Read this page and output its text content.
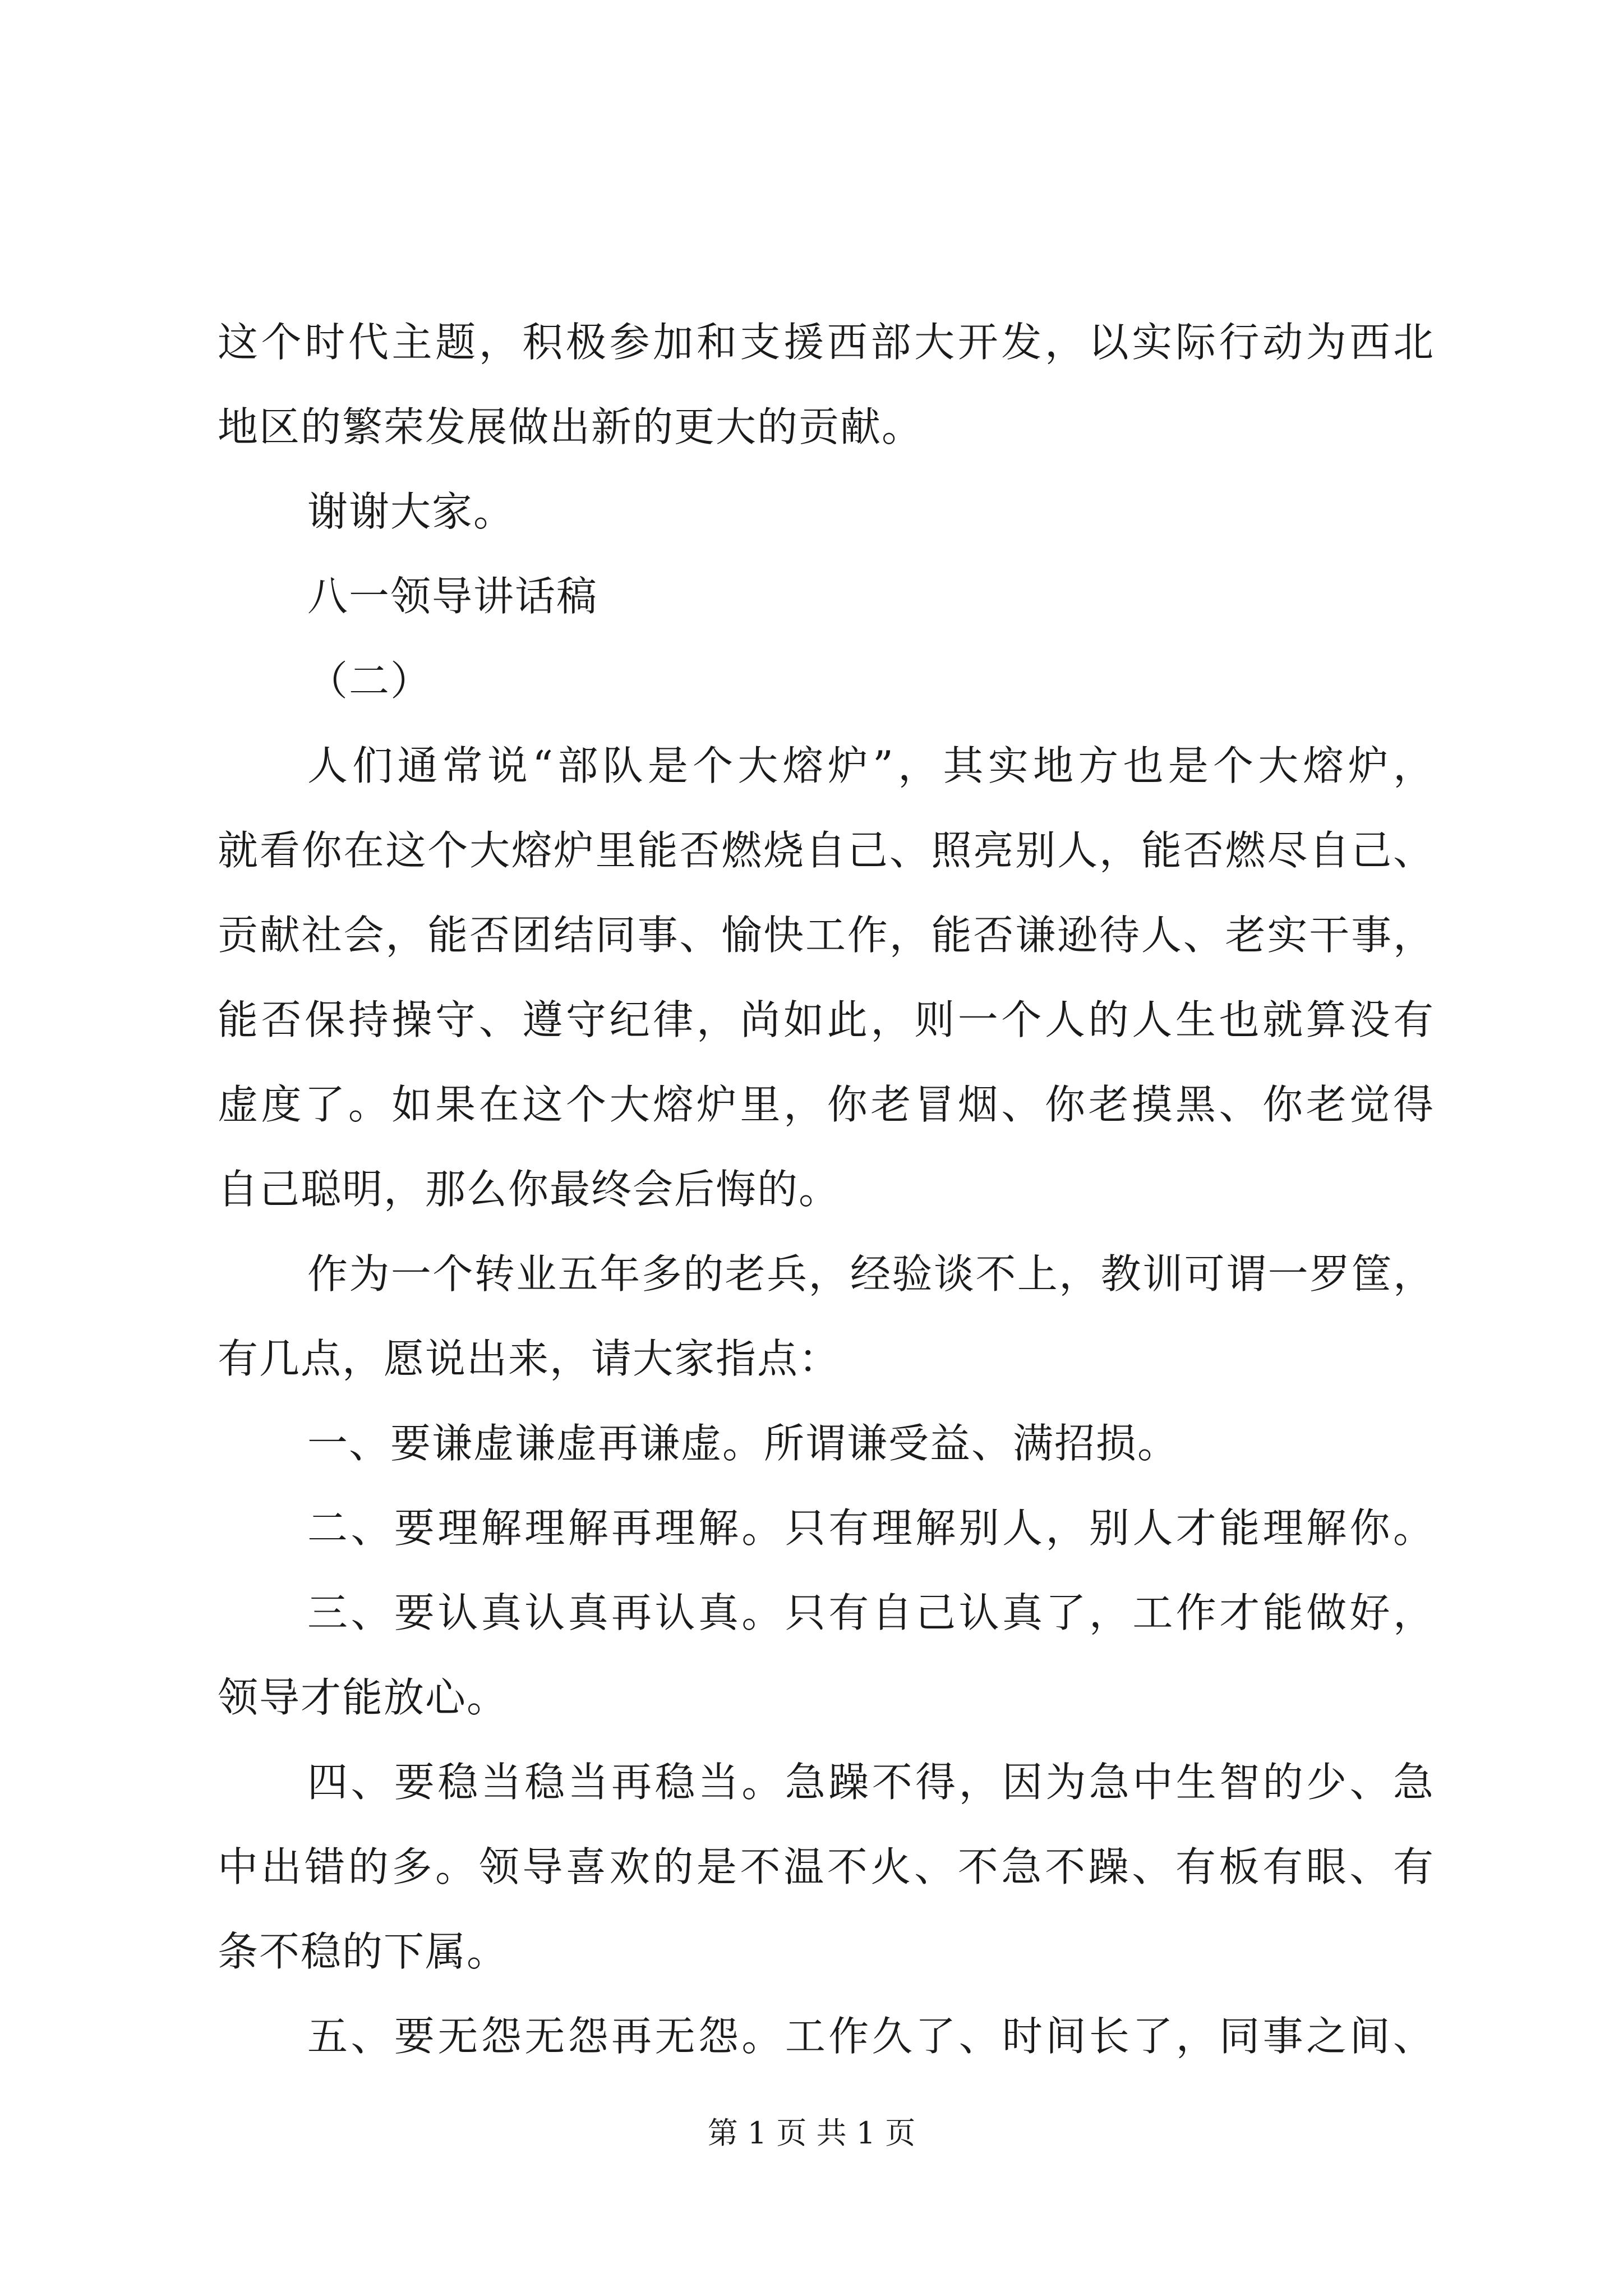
这个时代主题，积极参加和支援西部大开发，以实际行动为西北
地区的繁荣发展做出新的更大的贡献。
谢谢大家。
八一领导讲话稿
（二）
人们通常说“部队是个大熔炉”，其实地方也是个大熔炉，
就看你在这个大熔炉里能否燃烧自己、照亮别人，能否燃尽自己、
贡献社会，能否团结同事、愉快工作，能否谦逊待人、老实干事，
能否保持操守、遵守纪律，尚如此，则一个人的人生也就算没有
虚度了。如果在这个大熔炉里，你老冒烟、你老摸黑、你老觉得
自己聪明，那么你最终会后悔的。
作为一个转业五年多的老兵，经验谈不上，教训可谓一罗筐，
有几点，愿说出来，请大家指点：
一、要谦虚谦虚再谦虚。所谓谦受益、满招损。
二、要理解理解再理解。只有理解别人，别人才能理解你。
三、要认真认真再认真。只有自己认真了，工作才能做好，
领导才能放心。
四、要稳当稳当再稳当。急躁不得，因为急中生智的少、急
中出错的多。领导喜欢的是不温不火、不急不躁、有板有眼、有
条不稳的下属。
五、要无怨无怨再无怨。工作久了、时间长了，同事之间、
第 1 页 共 1 页
